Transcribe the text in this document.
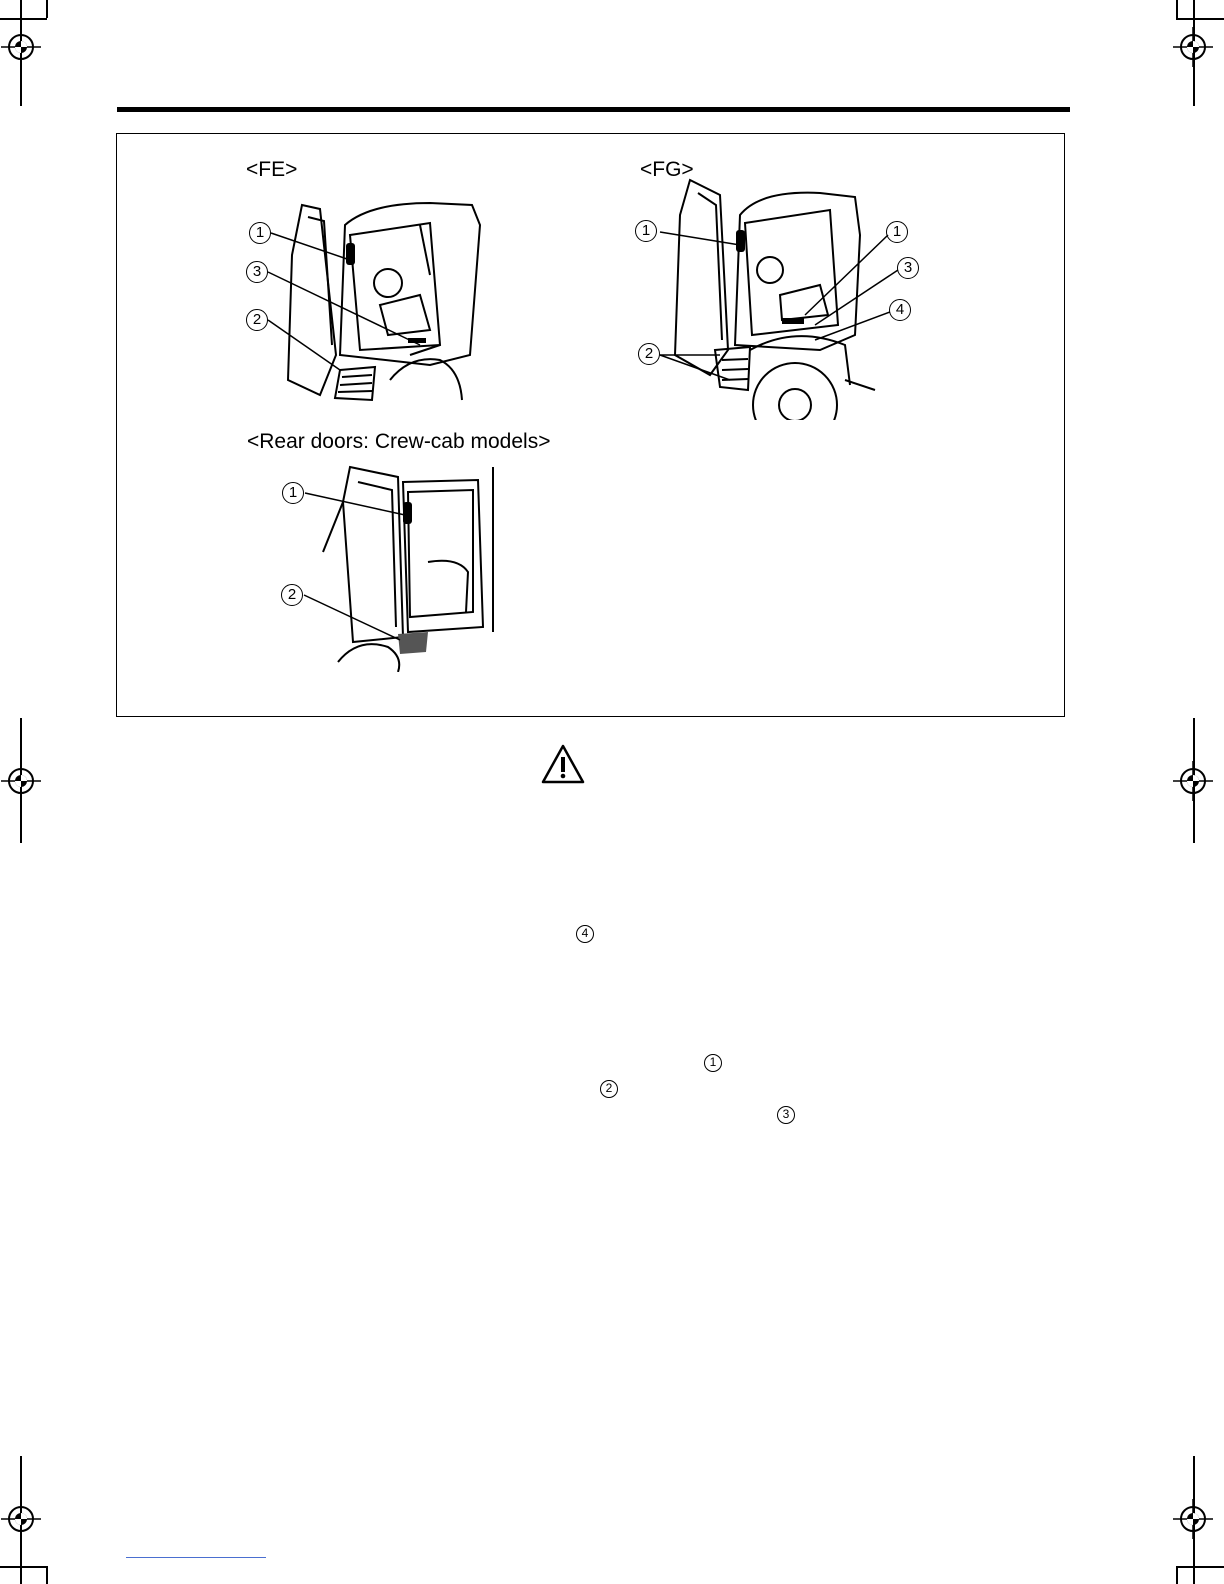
<FE>
1
3
2
<FG>
1	1
3
4
2
<Rear doors: Crew-cab models>
1
2
4
1
2
3
